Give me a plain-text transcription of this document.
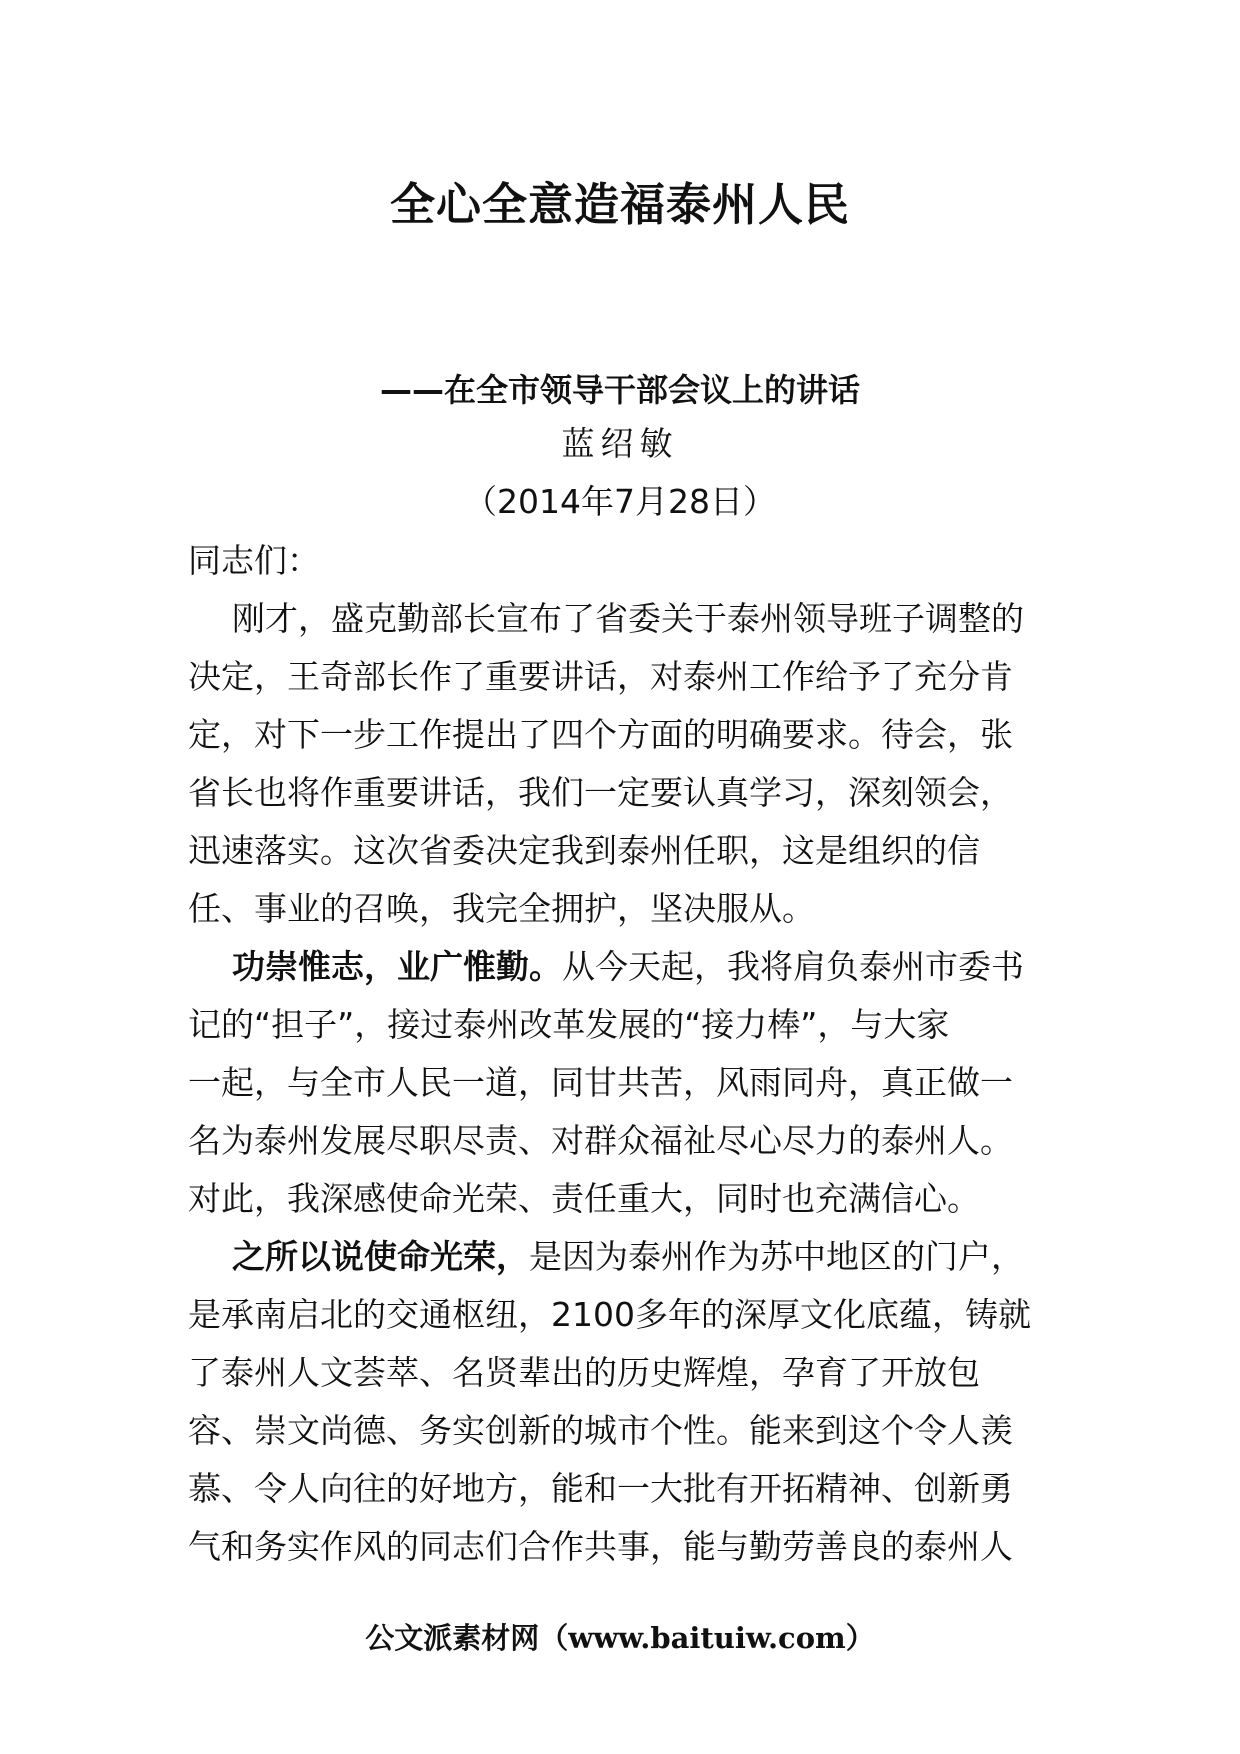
全心全意造福泰州人民
——在全市领导干部会议上的讲话
蓝绍敏
（2014年7月28日）
同志们：
刚才，盛克勤部长宣布了省委关于泰州领导班子调整的
决定，王奇部长作了重要讲话，对泰州工作给予了充分肯
定，对下一步工作提出了四个方面的明确要求。待会，张
省长也将作重要讲话，我们一定要认真学习，深刻领会，
迅速落实。这次省委决定我到泰州任职，这是组织的信
任、事业的召唤，我完全拥护，坚决服从。
功崇惟志，业广惟勤。从今天起，我将肩负泰州市委书
记的“担子”，接过泰州改革发展的“接力棒”，与大家
一起，与全市人民一道，同甘共苦，风雨同舟，真正做一
名为泰州发展尽职尽责、对群众福祉尽心尽力的泰州人。
对此，我深感使命光荣、责任重大，同时也充满信心。
之所以说使命光荣，是因为泰州作为苏中地区的门户，
是承南启北的交通枢纽，2100多年的深厚文化底蕴，铸就
了泰州人文荟萃、名贤辈出的历史辉煌，孕育了开放包
容、崇文尚德、务实创新的城市个性。能来到这个令人羡
慕、令人向往的好地方，能和一大批有开拓精神、创新勇
气和务实作风的同志们合作共事，能与勤劳善良的泰州人
公文派素材网（www.baituiw.com）
